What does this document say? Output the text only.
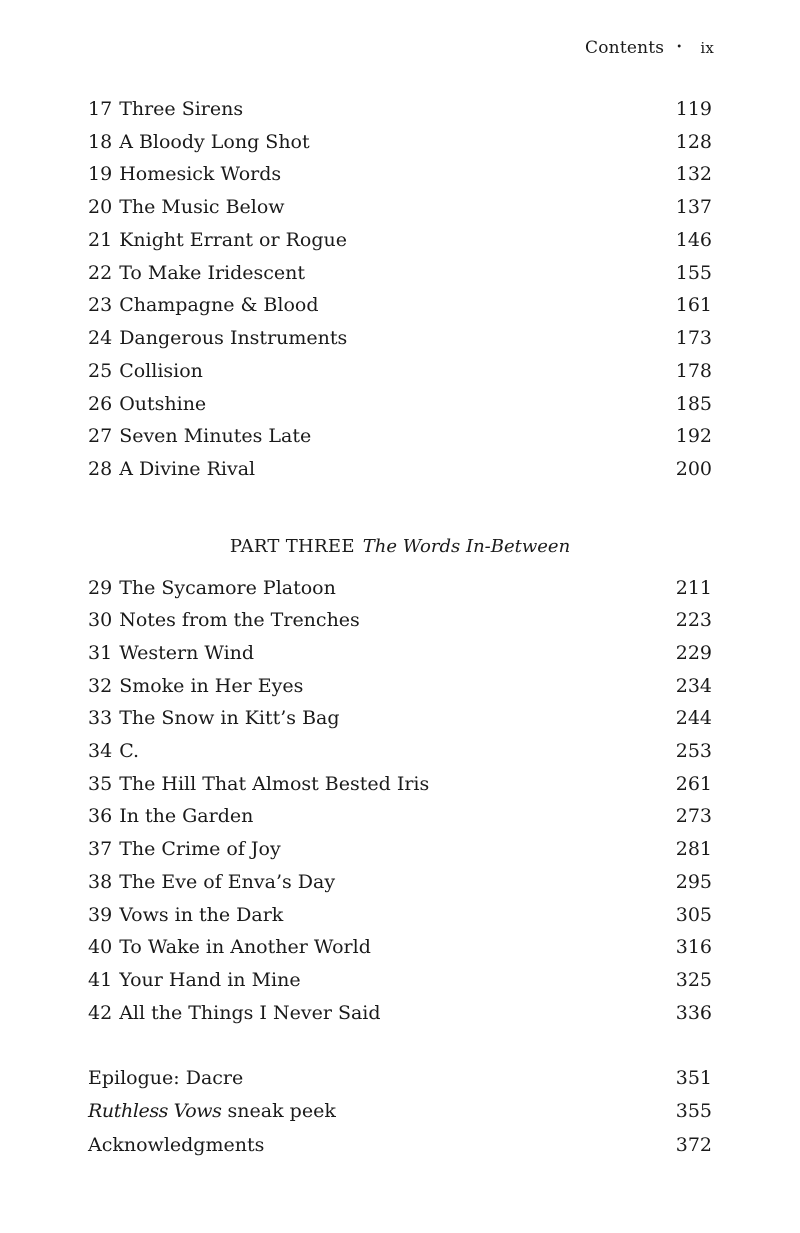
Contents • ix
17 Three Sirens	119
18 A Bloody Long Shot	128
19 Homesick Words	132
20 The Music Below	137
21 Knight Errant or Rogue	146
22 To Make Iridescent	155
23 Champagne & Blood	161
24 Dangerous Instruments	173
25 Collision	178
26 Outshine	185
27 Seven Minutes Late	192
28 A Divine Rival	200
PART THREE The Words In-Between
29 The Sycamore Platoon	211
30 Notes from the Trenches	223
31 Western Wind	229
32 Smoke in Her Eyes	234
33 The Snow in Kitt’s Bag	244
34 C.	253
35 The Hill That Almost Bested Iris	261
36 In the Garden	273
37 The Crime of Joy	281
38 The Eve of Enva’s Day	295
39 Vows in the Dark	305
40 To Wake in Another World	316
41 Your Hand in Mine	325
42 All the Things I Never Said	336
Epilogue: Dacre	351
Ruthless Vows sneak peek	355
Acknowledgments	372
